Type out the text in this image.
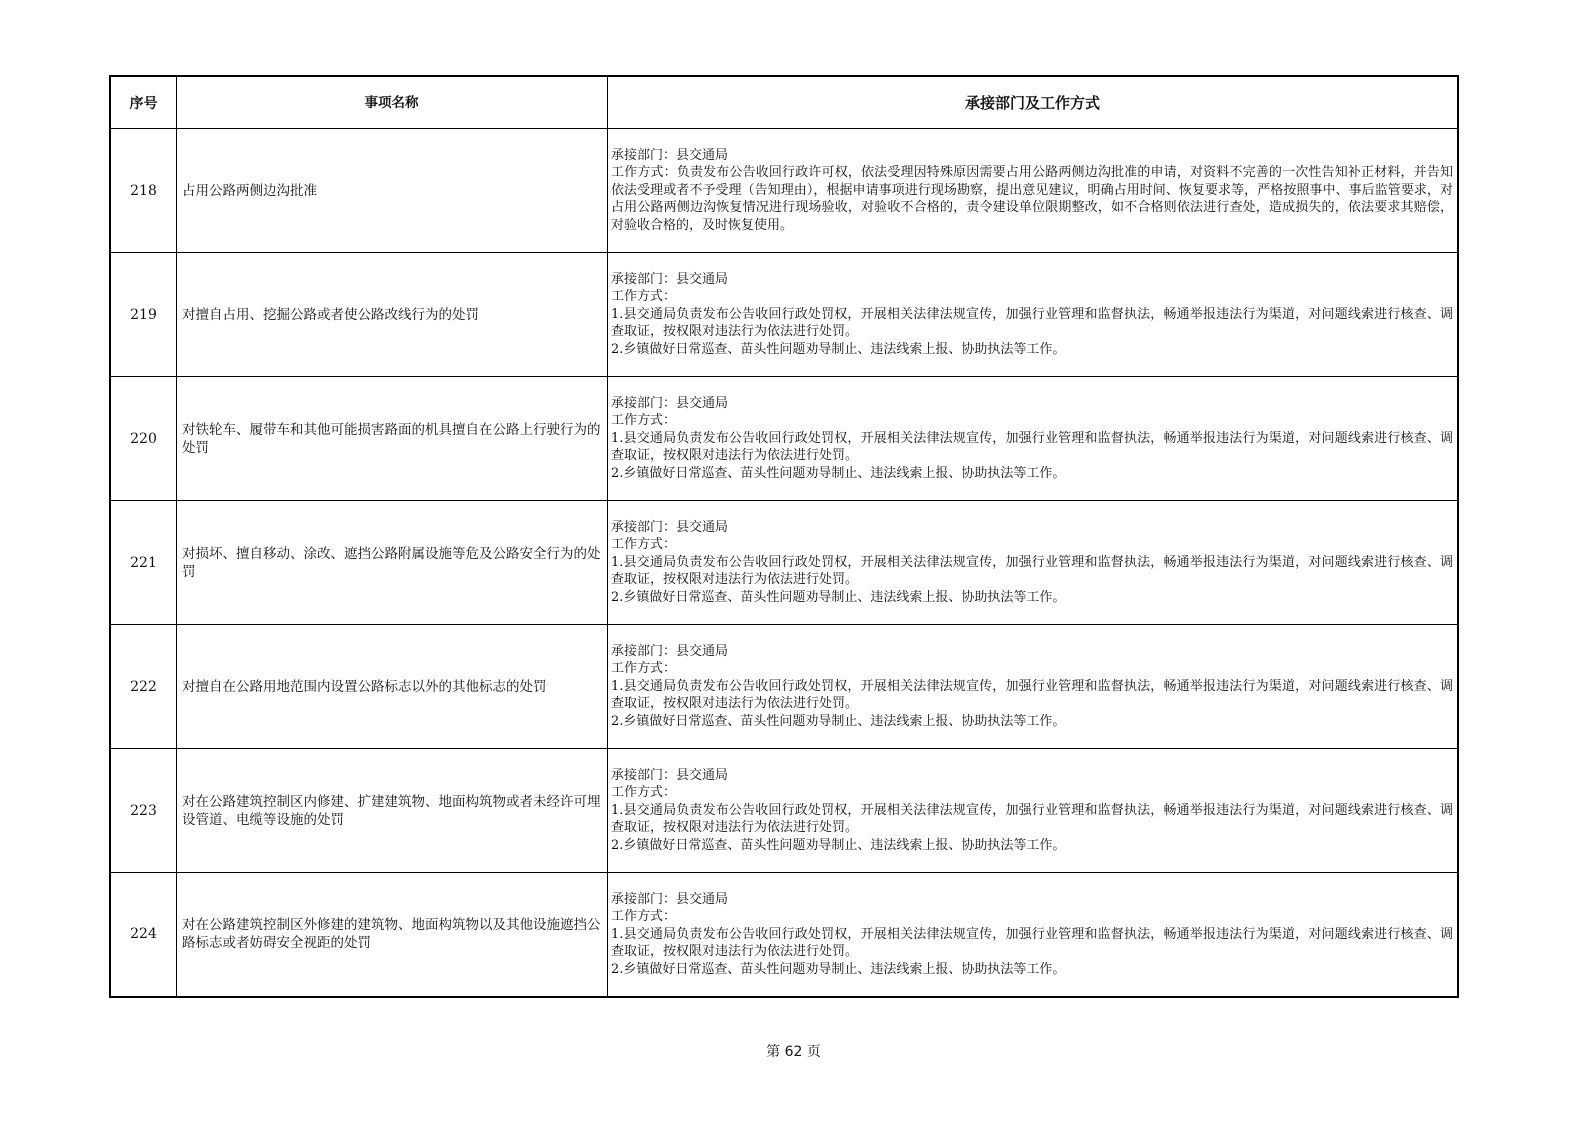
序号	事项名称	承接部门及工作方式
218	占用公路两侧边沟批准	承接部门：县交通局
工作方式：负责发布公告收回行政许可权，依法受理因特殊原因需要占用公路两侧边沟批准的申请，对资料不完善的一次性告知补正材料，并告知依法受理或者不予受理（告知理由），根据申请事项进行现场勘察，提出意见建议，明确占用时间、恢复要求等，严格按照事中、事后监管要求，对占用公路两侧边沟恢复情况进行现场验收，对验收不合格的，责令建设单位限期整改，如不合格则依法进行查处，造成损失的，依法要求其赔偿，对验收合格的，及时恢复使用。

219	对擅自占用、挖掘公路或者使公路改线行为的处罚	承接部门：县交通局
工作方式：
1.县交通局负责发布公告收回行政处罚权，开展相关法律法规宣传，加强行业管理和监督执法，畅通举报违法行为渠道，对问题线索进行核查、调查取证，按权限对违法行为依法进行处罚。
2.乡镇做好日常巡查、苗头性问题劝导制止、违法线索上报、协助执法等工作。

220	对铁轮车、履带车和其他可能损害路面的机具擅自在公路上行驶行为的处罚	承接部门：县交通局
工作方式：
1.县交通局负责发布公告收回行政处罚权，开展相关法律法规宣传，加强行业管理和监督执法，畅通举报违法行为渠道，对问题线索进行核查、调查取证，按权限对违法行为依法进行处罚。
2.乡镇做好日常巡查、苗头性问题劝导制止、违法线索上报、协助执法等工作。

221	对损坏、擅自移动、涂改、遮挡公路附属设施等危及公路安全行为的处罚	承接部门：县交通局
工作方式：
1.县交通局负责发布公告收回行政处罚权，开展相关法律法规宣传，加强行业管理和监督执法，畅通举报违法行为渠道，对问题线索进行核查、调查取证，按权限对违法行为依法进行处罚。
2.乡镇做好日常巡查、苗头性问题劝导制止、违法线索上报、协助执法等工作。

222	对擅自在公路用地范围内设置公路标志以外的其他标志的处罚	承接部门：县交通局
工作方式：
1.县交通局负责发布公告收回行政处罚权，开展相关法律法规宣传，加强行业管理和监督执法，畅通举报违法行为渠道，对问题线索进行核查、调查取证，按权限对违法行为依法进行处罚。
2.乡镇做好日常巡查、苗头性问题劝导制止、违法线索上报、协助执法等工作。

223	对在公路建筑控制区内修建、扩建建筑物、地面构筑物或者未经许可埋设管道、电缆等设施的处罚	承接部门：县交通局
工作方式：
1.县交通局负责发布公告收回行政处罚权，开展相关法律法规宣传，加强行业管理和监督执法，畅通举报违法行为渠道，对问题线索进行核查、调查取证，按权限对违法行为依法进行处罚。
2.乡镇做好日常巡查、苗头性问题劝导制止、违法线索上报、协助执法等工作。

224	对在公路建筑控制区外修建的建筑物、地面构筑物以及其他设施遮挡公路标志或者妨碍安全视距的处罚	承接部门：县交通局
工作方式：
1.县交通局负责发布公告收回行政处罚权，开展相关法律法规宣传，加强行业管理和监督执法，畅通举报违法行为渠道，对问题线索进行核查、调查取证，按权限对违法行为依法进行处罚。
2.乡镇做好日常巡查、苗头性问题劝导制止、违法线索上报、协助执法等工作。
第 62 页
